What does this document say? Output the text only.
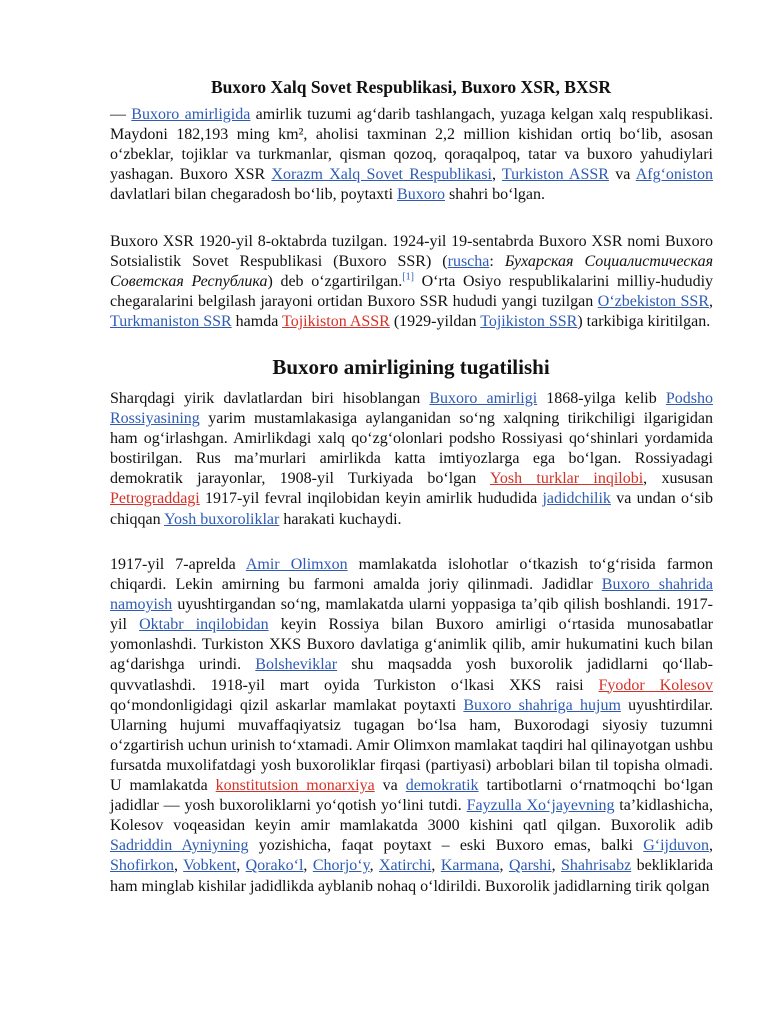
Buxoro Xalq Sovet Respublikasi, Buxoro XSR, BXSR
— Buxoro amirligida amirlik tuzumi ag‘darib tashlangach, yuzaga kelgan xalq respublikasi. Maydoni 182,193 ming km², aholisi taxminan 2,2 million kishidan ortiq bo‘lib, asosan o‘zbeklar, tojiklar va turkmanlar, qisman qozoq, qoraqalpoq, tatar va buxoro yahudiylari yashagan. Buxoro XSR Xorazm Xalq Sovet Respublikasi, Turkiston ASSR va Afg‘oniston davlatlari bilan chegaradosh bo‘lib, poytaxti Buxoro shahri bo‘lgan.
Buxoro XSR 1920-yil 8-oktabrda tuzilgan. 1924-yil 19-sentabrda Buxoro XSR nomi Buxoro Sotsialistik Sovet Respublikasi (Buxoro SSR) (ruscha: Бухарская Социалистическая Советская Республика) deb o‘zgartirilgan.[1] O‘rta Osiyo respublikalarini milliy-hududiy chegaralarini belgilash jarayoni ortidan Buxoro SSR hududi yangi tuzilgan O‘zbekiston SSR, Turkmaniston SSR hamda Tojikiston ASSR (1929-yildan Tojikiston SSR) tarkibiga kiritilgan.
Buxoro amirligining tugatilishi
Sharqdagi yirik davlatlardan biri hisoblangan Buxoro amirligi 1868-yilga kelib Podsho Rossiyasining yarim mustamlakasiga aylanganidan so‘ng xalqning tirikchiligi ilgarigidan ham og‘irlashgan. Amirlikdagi xalq qo‘zg‘olonlari podsho Rossiyasi qo‘shinlari yordamida bostirilgan. Rus ma’murlari amirlikda katta imtiyozlarga ega bo‘lgan. Rossiyadagi demokratik jarayonlar, 1908-yil Turkiyada bo‘lgan Yosh turklar inqilobi, xususan Petrograddagi 1917-yil fevral inqilobidan keyin amirlik hududida jadidchilik va undan o‘sib chiqqan Yosh buxoroliklar harakati kuchaydi.
1917-yil 7-aprelda Amir Olimxon mamlakatda islohotlar o‘tkazish to‘g‘risida farmon chiqardi. Lekin amirning bu farmoni amalda joriy qilinmadi. Jadidlar Buxoro shahrida namoyish uyushtirgandan so‘ng, mamlakatda ularni yoppasiga ta’qib qilish boshlandi. 1917-yil Oktabr inqilobidan keyin Rossiya bilan Buxoro amirligi o‘rtasida munosabatlar yomonlashdi. Turkiston XKS Buxoro davlatiga g‘animlik qilib, amir hukumatini kuch bilan ag‘darishga urindi. Bolsheviklar shu maqsadda yosh buxorolik jadidlarni qo‘llab-quvvatlashdi. 1918-yil mart oyida Turkiston o‘lkasi XKS raisi Fyodor Kolesov qo‘mondonligidagi qizil askarlar mamlakat poytaxti Buxoro shahriga hujum uyushtirdilar. Ularning hujumi muvaffaqiyatsiz tugagan bo‘lsa ham, Buxorodagi siyosiy tuzumni o‘zgartirish uchun urinish to‘xtamadi. Amir Olimxon mamlakat taqdiri hal qilinayotgan ushbu fursatda muxolifatdagi yosh buxoroliklar firqasi (partiyasi) arboblari bilan til topisha olmadi. U mamlakatda konstitutsion monarxiya va demokratik tartibotlarni o‘rnatmoqchi bo‘lgan jadidlar — yosh buxoroliklarni yo‘qotish yo‘lini tutdi. Fayzulla Xo‘jayevning ta’kidlashicha, Kolesov voqeasidan keyin amir mamlakatda 3000 kishini qatl qilgan. Buxorolik adib Sadriddin Ayniyning yozishicha, faqat poytaxt – eski Buxoro emas, balki G‘ijduvon, Shofirkon, Vobkent, Qorako‘l, Chorjo‘y, Xatirchi, Karmana, Qarshi, Shahrisabz bekliklarida ham minglab kishilar jadidlikda ayblanib nohaq o‘ldirildi. Buxorolik jadidlarning tirik qolgan
